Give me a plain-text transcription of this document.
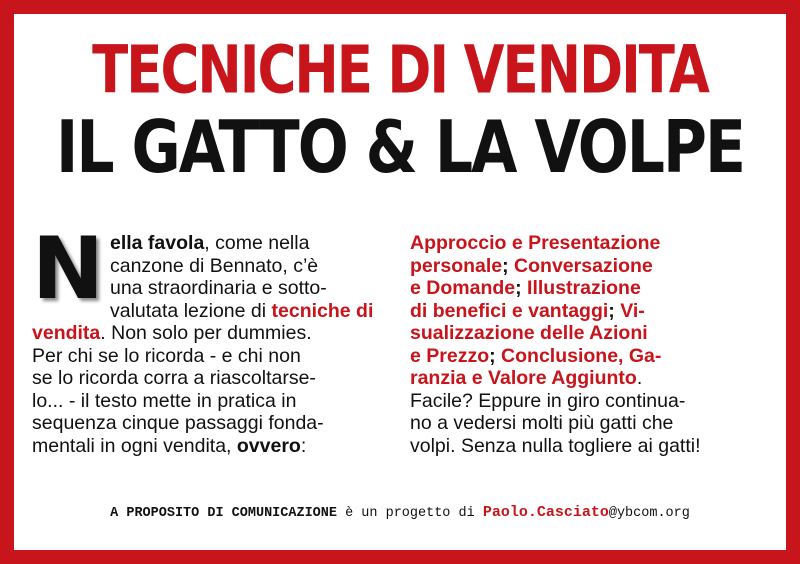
TECNICHE DI VENDITA
IL GATTO & LA VOLPE
N ella favola, come nella
canzone di Bennato, c’è
una straordinaria e sotto-
valutata lezione di tecniche di
vendita. Non solo per dummies.
Per chi se lo ricorda - e chi non
se lo ricorda corra a riascoltarse-
lo... - il testo mette in pratica in
sequenza cinque passaggi fonda-
mentali in ogni vendita, ovvero:
Approccio e Presentazione
personale; Conversazione
e Domande; Illustrazione
di benefici e vantaggi; Vi-
sualizzazione delle Azioni
e Prezzo; Conclusione, Ga-
ranzia e Valore Aggiunto.
Facile? Eppure in giro continua-
no a vedersi molti più gatti che
volpi. Senza nulla togliere ai gatti!
A PROPOSITO DI COMUNICAZIONE è un progetto di Paolo.Casciato@ybcom.org
